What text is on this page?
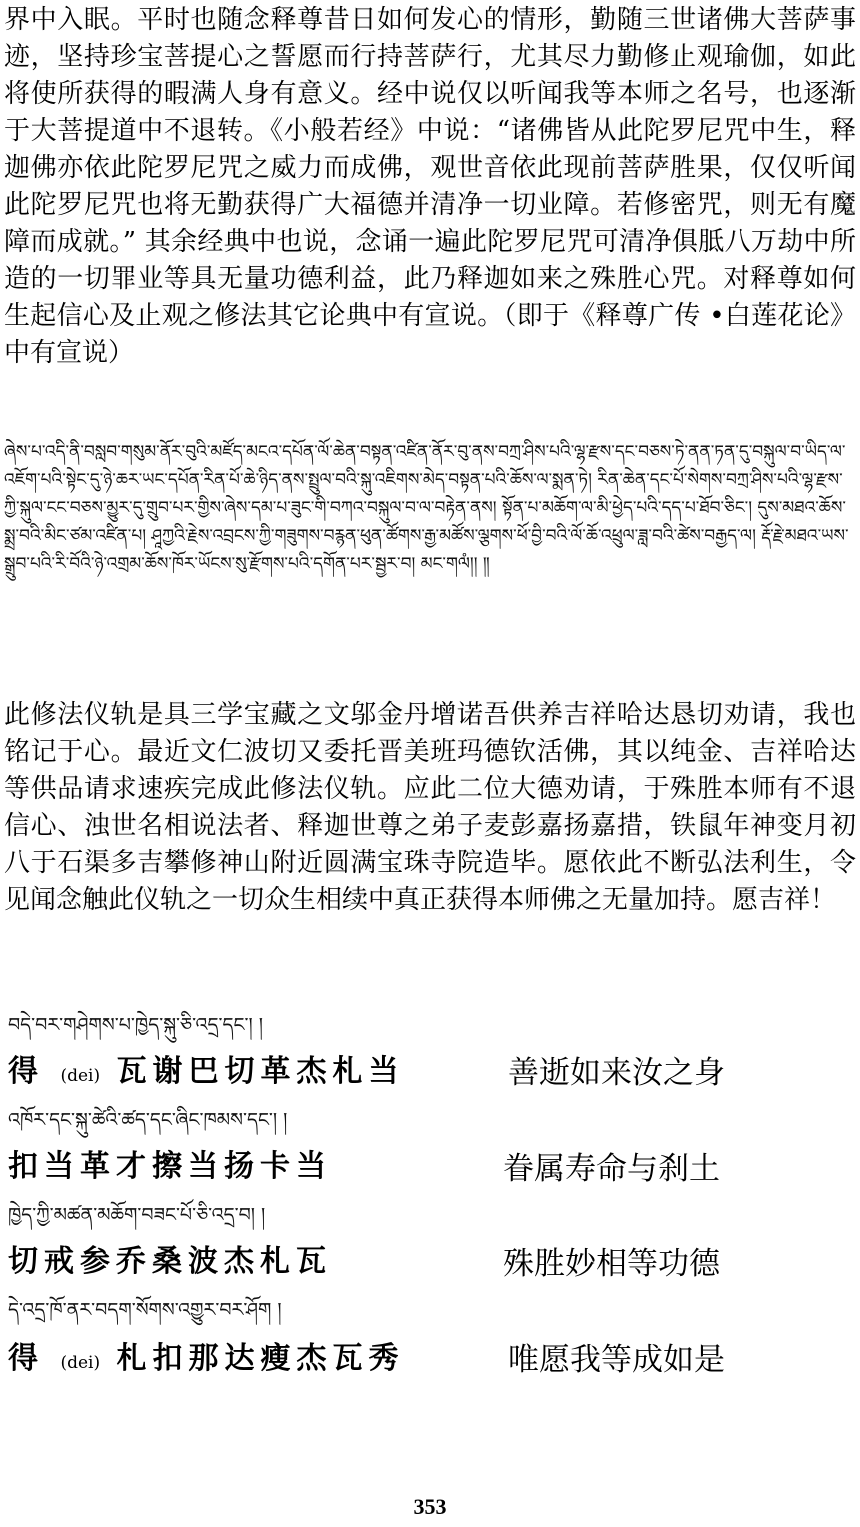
界中入眠。平时也随念释尊昔日如何发心的情形，勤随三世诸佛大菩萨事迹，坚持珍宝菩提心之誓愿而行持菩萨行，尤其尽力勤修止观瑜伽，如此将使所获得的暇满人身有意义。经中说仅以听闻我等本师之名号，也逐渐于大菩提道中不退转。《小般若经》中说：“诸佛皆从此陀罗尼咒中生，释迦佛亦依此陀罗尼咒之威力而成佛，观世音依此现前菩萨胜果，仅仅听闻此陀罗尼咒也将无勤获得广大福德并清净一切业障。若修密咒，则无有魔障而成就。” 其余经典中也说，念诵一遍此陀罗尼咒可清净俱胝八万劫中所造的一切罪业等具无量功德利益，此乃释迦如来之殊胜心咒。对释尊如何生起信心及止观之修法其它论典中有宣说。（即于《释尊广传 •白莲花论》中有宣说）

ཞེས་པ་འདི་ནི་བསླབ་གསུམ་ནོར་བུའི་མཛོད་མངའ་དཔོན་ལོ་ཆེན་བསྟན་འཛིན་ནོར་བུ་ནས་བཀྲ་ཤིས་པའི་ལྷ་རྫས་དང་བཅས་ཏེ་ནན་ཏན་དུ་བསྐུལ་བ་ཡིད་ལ་འཇོག་པའི་སྟེང་དུ་ཉེ་ཆར་ཡང་དཔོན་རིན་པོ་ཆེ་ཉིད་ནས་སྤྲུལ་བའི་སྐུ་འཇིགས་མེད་བསྟན་པའི་ཆོས་ལ་སྨན་ཏེ། རིན་ཆེན་དང་པོ་སེགས་བཀྲ་ཤིས་པའི་ལྷ་རྫས་ཀྱི་སྐུལ་ངང་བཅས་མྱུར་དུ་གྲུབ་པར་གྱིས་ཞེས་དམ་པ་ཟུང་གི་བཀའ་བསྐུལ་བ་ལ་བརྟེན་ནས། སྟོན་པ་མཆོག་ལ་མི་ཕྱེད་པའི་དད་པ་ཐོབ་ཅིང་། དུས་མཐའ་ཆོས་སྨྲ་བའི་མིང་ཙམ་འཛིན་པ། ཤཱཀྱའི་རྗེས་འབྲངས་ཀྱི་གཟུགས་བརྙན་ཕུན་ཚོགས་རྒྱ་མཚོས་ལྕགས་ཕོ་བྱི་བའི་ལོ་ཆོ་འཕྲུལ་ཟླ་བའི་ཚེས་བརྒྱད་ལ། རྡོ་རྗེ་མཐའ་ཡས་སྒྲུབ་པའི་རི་བོའི་ཉེ་འགྲམ་ཆོས་ཁོར་ཡོངས་སུ་རྫོགས་པའི་དགོན་པར་སྦྱར་བ། མང་གལཾ།། ༎

此修法仪轨是具三学宝藏之文邬金丹增诺吾供养吉祥哈达恳切劝请，我也铭记于心。最近文仁波切又委托晋美班玛德钦活佛，其以纯金、吉祥哈达等供品请求速疾完成此修法仪轨。应此二位大德劝请，于殊胜本师有不退信心、浊世名相说法者、释迦世尊之弟子麦彭嘉扬嘉措，铁鼠年神变月初八于石渠多吉攀修神山附近圆满宝珠寺院造毕。愿依此不断弘法利生，令见闻念触此仪轨之一切众生相续中真正获得本师佛之无量加持。愿吉祥！

བདེ་བར་གཤེགས་པ་ཁྱེད་སྐུ་ཅི་འདྲ་དང་། །
得 (dei) 瓦谢巴切革杰札当	善逝如来汝之身
འཁོར་དང་སྐུ་ཚེའི་ཚད་དང་ཞིང་ཁམས་དང་། །
扣当革才擦当扬卡当	眷属寿命与刹土
ཁྱེད་ཀྱི་མཚན་མཆོག་བཟང་པོ་ཅི་འདྲ་བ། །
切戒参乔桑波杰札瓦	殊胜妙相等功德
དེ་འདྲ་ཁོ་ནར་བདག་སོགས་འགྱུར་བར་ཤོག །
得 (dei) 札扣那达瘦杰瓦秀	唯愿我等成如是
353
